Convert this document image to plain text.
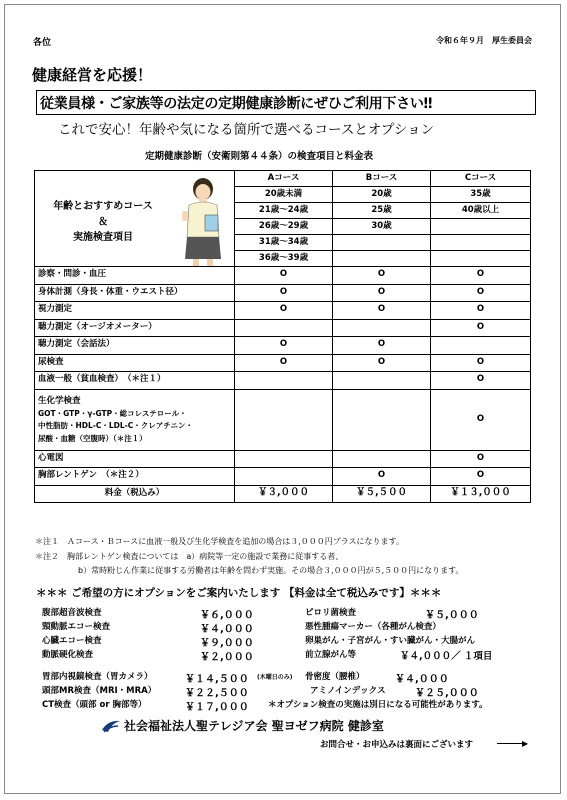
各位	令和６年９月　厚生委員会
健康経営を応援！
従業員様・ご家族等の法定の定期健康診断にぜひご利用下さい‼
これで安心！年齢や気になる箇所で選べるコースとオプション
定期健康診断（安衛則第４４条）の検査項目と料金表
年齢とおすすめコース
＆
実施検査項目	Aコース	Bコース	Cコース
	20歳未満	20歳	35歳
	21歳～24歳	25歳	40歳以上
	26歳～29歳	30歳	
	31歳～34歳		
	36歳～39歳		
診察・問診・血圧	O	O	O
身体計測（身長・体重・ウエスト径）	O	O	O
視力測定	O	O	O
聴力測定（オージオメーター）			O
聴力測定（会話法）	O	O	
尿検査	O	O	O
血液一般（貧血検査）　（＊注１）			O

生化学検査
GOT・GTP・γ-GTP・総コレステロール・
中性脂肪・HDL-C・LDL-C・クレアチニン・
尿酸・血糖（空腹時）（＊注１）			O
心電図			O
胸部レントゲン　（＊注２）		O	O
料金（税込み）	￥３,０００	￥５,５００	￥１３,０００
＊注１　Ａコース・Ｂコースに血液一般及び生化学検査を追加の場合は３,０００円プラスになります。
＊注２　胸部レントゲン検査については　a）病院等一定の施設で業務に従事する者、
b）常時粉じん作業に従事する労働者は年齢を問わず実施。その場合３,０００円が５,５００円になります。
＊＊＊ ご希望の方にオプションをご案内いたします 【料金は全て税込みです】＊＊＊
腹部超音波検査	￥６,０００
頸動脈エコー検査	￥４,０００
心臓エコー検査	￥９,０００
動脈硬化検査	￥２,０００
ピロリ菌検査	￥５,０００
悪性腫瘍マーカー（各種がん検査）
卵巣がん・子宮がん・すい臓がん・大腸がん
前立腺がん等	￥４,０００／ １項目
胃部内視鏡検査（胃カメラ）	￥１４,５００ (木曜日のみ) 骨密度（腰椎）	￥４,０００
頭部MR検査（MRI・MRA）	￥２２,５００	アミノインデックス	￥２５,０００
CT検査（頭部 or 胸部等）	￥１７,０００ ＊オプション検査の実施は別日になる可能性があります。
社会福祉法人聖テレジア会 聖ヨゼフ病院 健診室
お問合せ・お申込みは裏面にございます	▶
